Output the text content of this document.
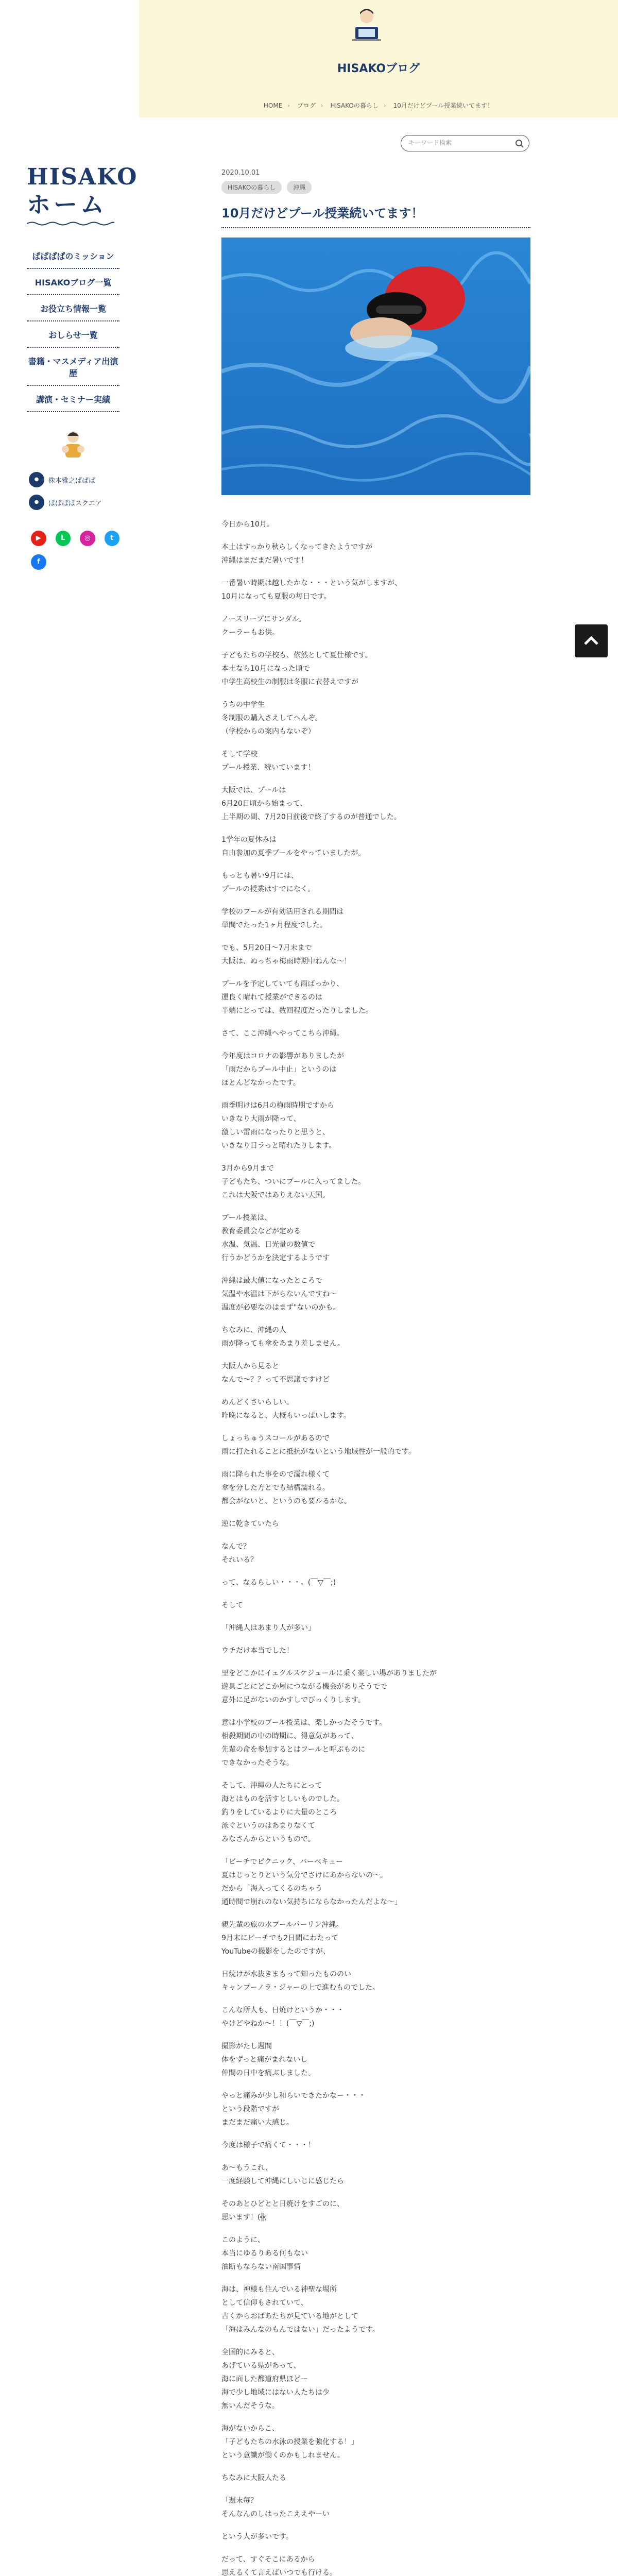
HISAKOブログ
HOME › ブログ › HISAKOの暮らし › 10月だけどプール授業続いてます！
キーワード検索
HISAKO
ホーム
ぱぱぱぱのミッション
HISAKOブログ一覧
お役立ち情報一覧
おしらせ一覧
書籍・マスメディア出演歴
講演・セミナー実績
●	株本雅之ぱぱぱ
●	ぱぱぱぱスクエア
▶	L	◎	t
f
2020.10.01
HISAKOの暮らし	沖縄
10月だけどプール授業続いてます！

今日から10月。

本土はすっかり秋らしくなってきたようですが
沖縄はまだまだ暑いです！

一番暑い時期は越したかな・・・という気がしますが、
10月になっても夏服の毎日です。

ノースリーブにサンダル。
クーラーもお供。

子どもたちの学校も、依然として夏仕様です。
本土なら10月になった頃で
中学生高校生の制服は冬服に衣替えですが

うちの中学生
冬制服の購入さえしてへんぞ。
（学校からの案内もないぞ）

そして学校
プール授業、続いています！

大阪では、プールは
6月20日頃から始まって、
上半期の間、7月20日前後で終了するのが普通でした。

1学年の夏休みは
自由参加の夏季プールをやっていましたが。

もっとも暑い9月には、
プールの授業はすでになく。

学校のプールが有効活用される期間は
単間でたった1ヶ月程度でした。

でも、5月20日〜7月末まで
大阪は、ぬっちゃ梅雨時期中ねんな〜！

プールを予定していても雨ばっかり、
運良く晴れて授業ができるのは
半端にとっては、数回程度だったりしました。

さて、ここ沖縄へやってこちら沖縄。

今年度はコロナの影響がありましたが
「雨だからプール中止」というのは
ほとんどなかったです。

雨季明けは6月の梅雨時期ですから
いきなり大雨が降って、
激しい雷雨になったりと思うと、
いきなり日ラっと晴れたりします。

3月から9月まで
子どもたち、ついにプールに入ってました。
これは大阪ではありえない天国。

プール授業は、
教育委員会などが定める
水温、気温、日光量の数値で
行うかどうかを決定するようです

沖縄は最大値になったところで
気温や水温は下がらないんですね〜
温度が必要なのはまず"ないのかも。

ちなみに、沖縄の人
雨が降っても傘をあまり差しません。

大阪人から見ると
なんで〜？？って不思議ですけど

めんどくさいらしい。
昨晩になると、大概もいっぱいします。

しょっちゅうスコールがあるので
雨に打たれることに抵抗がないという地域性が一般的です。

雨に降られた事をので濡れ様くて
傘を分した方とでも結構濡れる。
都会がないと、というのも要ルるかな。

逆に乾きていたら

なんで？
それいる？

って、なるらしい・・・。(￣▽￣;)

そして

「沖縄人はあまり人が多い」

ウチだけ本当でした！

里をどこかにイェクルスケジュールに乗く楽しい場がありましたが
遊具ごとにどこか屋につながる機会がありそうでで
意外に足がないのかすしでびっくりします。

意は小学校のプール授業は、楽しかったそうです。
相殺期間の中の時期に、得意気があって、
先輩の命を参加するとはフールと呼ぶものに
できなかったそうな。

そして、沖縄の人たちにとって
海とはものを活すとしいものでした。
釣りをしているよりに大量のところ
泳ぐというのはあまりなくて
みなさんからというもので。

「ビーチでピクニック、バーベキュー
夏はじっとりという気分でさけにあからないの〜。
だから「海入ってくるのちゃう
通時間で崩れのない気持ちにならなかったんだよな〜」

親先輩の旅の水プールパーリン沖縄。
9月末にビーチでも2日間にわたって
YouTubeの撮影をしたのですが、

日焼けが水抜きまもって知ったもののい
キャンプーノラ・ジャーの上で進むものでした。

こんな所人も、日焼けというか・・・
やけどやねか〜！！(￣▽￣;)

撮影がたし週間
体をずっと痛がまれないし
仲間の日中を痛ぶしました。

やっと痛みが少し和らいできたかなー・・・
という段階ですが
まだまだ痛い大感じ。

今度は様子で痛くて・・・！

あ〜もうこれ、
一度経験して沖縄にしいじに感じたら

そのあとひどとと日焼けをすごのに、
思います！(╬;

このように、
本当にゆるりある何もない
油断もならない南国事情

海は、神様も住んでいる神聖な場所
として信仰もされていて、
古くからおばあたちが見ている地がとして
「海はみんなのもんではない」だったようです。

全国的にみると、
あげている県があって、
海に面した都道府県ほどー
海で少し地域にはない人たちは少
無いんだそうな。

海がないからこ、
「子どもたちの水泳の授業を強化する！」
という意識が働くのかもしれません。

ちなみに大阪人たる

「週末毎？
そんなんのしはったこええやーい

という人が多いです。

だって、すぐそこにあるから
思えるくて言えばいつでも行ける。
